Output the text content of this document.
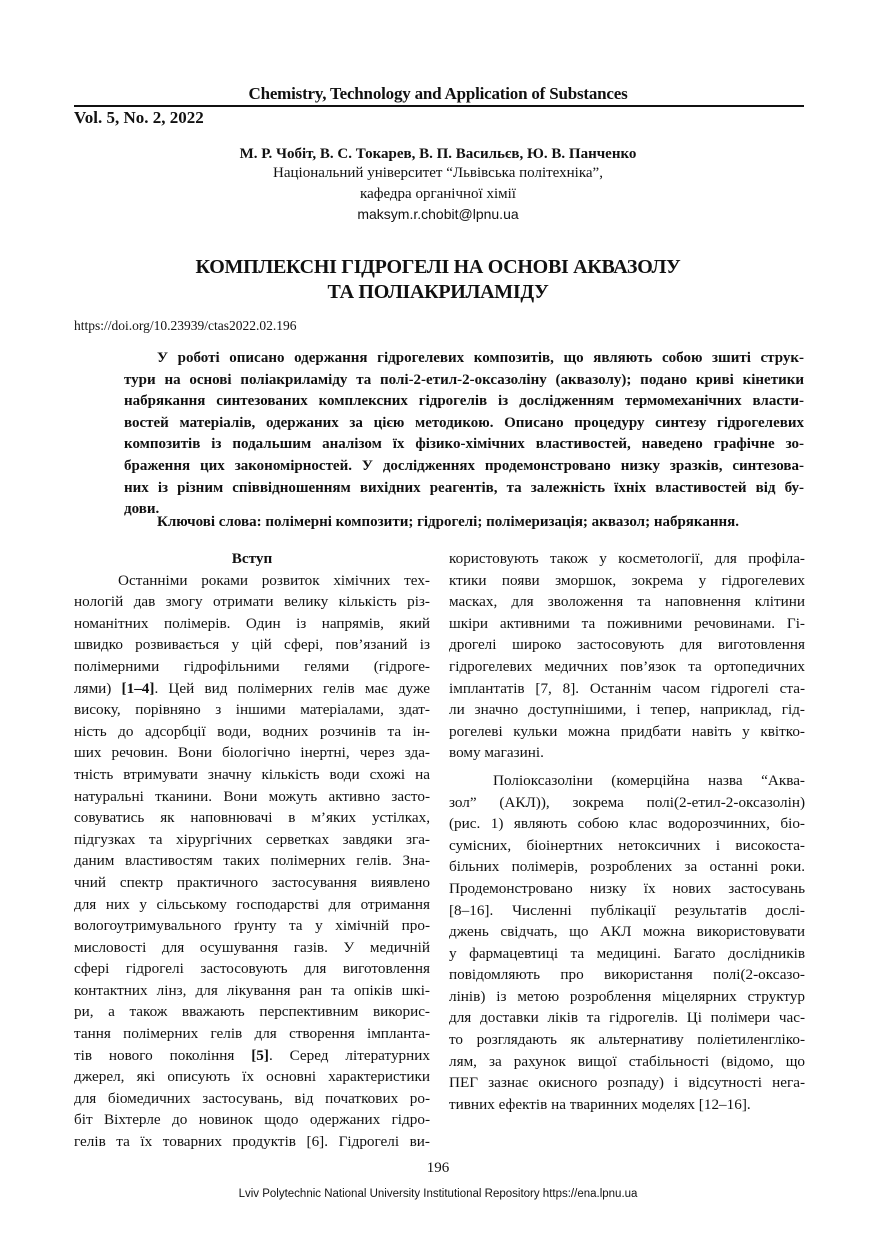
Chemistry, Technology and Application of Substances
Vol. 5, No. 2, 2022
М. Р. Чобіт, В. С. Токарев, В. П. Васильєв, Ю. В. Панченко
Національний університет “Львівська політехніка”,
кафедра органічної хімії
maksym.r.chobit@lpnu.ua
КОМПЛЕКСНІ ГІДРОГЕЛІ НА ОСНОВІ АКВАЗОЛУ
ТА ПОЛІАКРИЛАМІДУ
https://doi.org/10.23939/ctas2022.02.196
У роботі описано одержання гідрогелевих композитів, що являють собою зшиті струк-
тури на основі поліакриламіду та полі-2-етил-2-оксазоліну (аквазолу); подано криві кінетики
набрякання синтезованих комплексних гідрогелів із дослідженням термомеханічних власти-
востей матеріалів, одержаних за цією методикою. Описано процедуру синтезу гідрогелевих
композитів із подальшим аналізом їх фізико-хімічних властивостей, наведено графічне зо-
браження цих закономірностей. У дослідженнях продемонстровано низку зразків, синтезова-
них із різним співвідношенням вихідних реагентів, та залежність їхніх властивостей від бу-
дови.
Ключові слова: полімерні композити; гідрогелі; полімеризація; аквазол; набрякання.
Вступ
Останніми роками розвиток хімічних тех-
нологій дав змогу отримати велику кількість різ-
номанітних полімерів. Один із напрямів, який
швидко розвивається у цій сфері, пов’язаний із
полімерними гідрофільними гелями (гідроге-
лями) [1–4]. Цей вид полімерних гелів має дуже
високу, порівняно з іншими матеріалами, здат-
ність до адсорбції води, водних розчинів та ін-
ших речовин. Вони біологічно інертні, через зда-
тність втримувати значну кількість води схожі на
натуральні тканини. Вони можуть активно засто-
совуватись як наповнювачі в м’яких устілках,
підгузках та хірургічних серветках завдяки зга-
даним властивостям таких полімерних гелів. Зна-
чний спектр практичного застосування виявлено
для них у сільському господарстві для отримання
вологоутримувального ґрунту та у хімічній про-
мисловості для осушування газів. У медичній
сфері гідрогелі застосовують для виготовлення
контактних лінз, для лікування ран та опіків шкі-
ри, а також вважають перспективним викорис-
тання полімерних гелів для створення імпланта-
тів нового покоління [5]. Серед літературних
джерел, які описують їх основні характеристики
для біомедичних застосувань, від початкових ро-
біт Віхтерле до новинок щодо одержаних гідро-
гелів та їх товарних продуктів [6]. Гідрогелі ви-
користовують також у косметології, для профіла-
ктики появи зморшок, зокрема у гідрогелевих
масках, для зволоження та наповнення клітини
шкіри активними та поживними речовинами. Гі-
дрогелі широко застосовують для виготовлення
гідрогелевих медичних пов’язок та ортопедичних
імплантатів [7, 8]. Останнім часом гідрогелі ста-
ли значно доступнішими, і тепер, наприклад, гід-
рогелеві кульки можна придбати навіть у квітко-
вому магазині.
Поліоксазоліни (комерційна назва “Аква-
зол” (АКЛ)), зокрема полі(2-етил-2-оксазолін)
(рис. 1) являють собою клас водорозчинних, біо-
сумісних, біоінертних нетоксичних і високоста-
більних полімерів, розроблених за останні роки.
Продемонстровано низку їх нових застосувань
[8–16]. Численні публікації результатів дослі-
джень свідчать, що АКЛ можна використовувати
у фармацевтиці та медицині. Багато дослідників
повідомляють про використання полі(2-оксазо-
лінів) із метою розроблення міцелярних структур
для доставки ліків та гідрогелів. Ці полімери час-
то розглядають як альтернативу поліетиленгліко-
лям, за рахунок вищої стабільності (відомо, що
ПЕГ зазнає окисного розпаду) і відсутності нега-
тивних ефектів на тваринних моделях [12–16].
196
Lviv Polytechnic National University Institutional Repository https://ena.lpnu.ua
